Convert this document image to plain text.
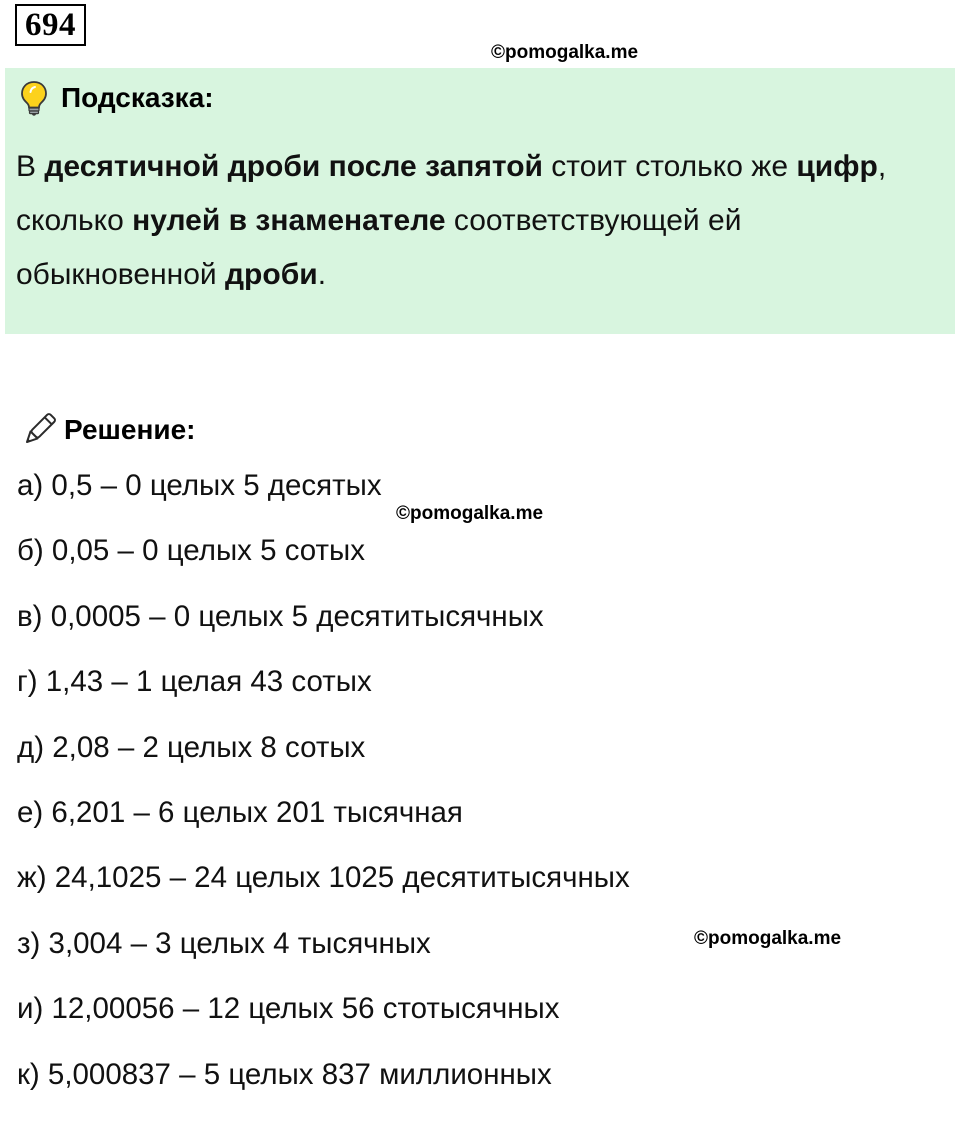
694
©pomogalka.me
Подсказка:
В десятичной дроби после запятой стоит столько же цифр, сколько нулей в знаменателе соответствующей ей обыкновенной дроби.
Решение:
а) 0,5 – 0 целых 5 десятых
б) 0,05 – 0 целых 5 сотых
в) 0,0005 – 0 целых 5 десятитысячных
г) 1,43 – 1 целая 43 сотых
д) 2,08 – 2 целых 8 сотых
е) 6,201 – 6 целых 201 тысячная
ж) 24,1025 – 24 целых 1025 десятитысячных
з) 3,004 – 3 целых 4 тысячных
и) 12,00056 – 12 целых 56 стотысячных
к) 5,000837 – 5 целых 837 миллионных
©pomogalka.me
©pomogalka.me
